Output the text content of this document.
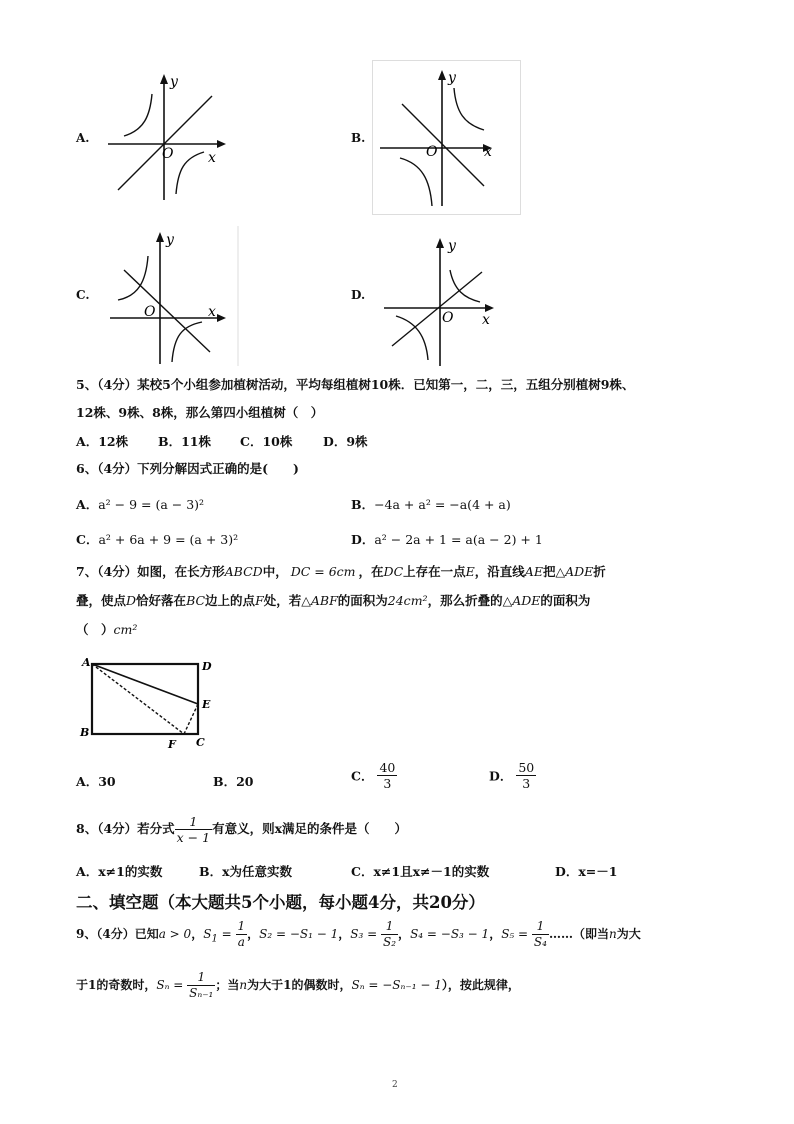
A.
y
x
O
B.
y
x
O
C.
y
x
O
D.
y
x
O
5、（4分）某校5个小组参加植树活动，平均每组植树10株．已知第一，二，三，五组分别植树9株、
12株、9株、8株，那么第四小组植树（　）
A．12株 B．11株 C．10株 D．9株
6、（4分）下列分解因式正确的是(　　)
A．a² − 9 = (a − 3)²	B．−4a + a² = −a(4 + a)
C．a² + 6a + 9 = (a + 3)²	D．a² − 2a + 1 = a(a − 2) + 1
7、（4分）如图，在长方形ABCD中， DC = 6cm ，在DC上存在一点E，沿直线AE把△ADE折
叠，使点D恰好落在BC边上的点F处，若△ABF的面积为24cm²，那么折叠的△ADE的面积为
（　）cm²
A	D
E
B
F C
A．30	B．20	C． $\frac{40}{3}$	D． $\frac{50}{3}$
8、（4分）若分式 $\frac{1}{x - 1}$ 有意义，则x满足的条件是（　　）
A．x≠1的实数	B．x为任意实数	C．x≠1且x≠－1的实数	D．x=－1
二、填空题（本大题共5个小题，每小题4分，共20分）
9、（4分）已知a > 0，$S_1 = \frac{1}{a}$ ，S₂ = −S₁ − 1，$S_3 = \frac{1}{\text{S₂}}$ ，S₄ = −S₃ − 1，$S_5 = \frac{1}{\text{S₄}}$ ……（即当n为大
于1的奇数时，$S_n = \frac{1}{\text{Sₙ₋₁}}$ ；当n为大于1的偶数时，Sₙ = −Sₙ₋₁ − 1），按此规律，
2
